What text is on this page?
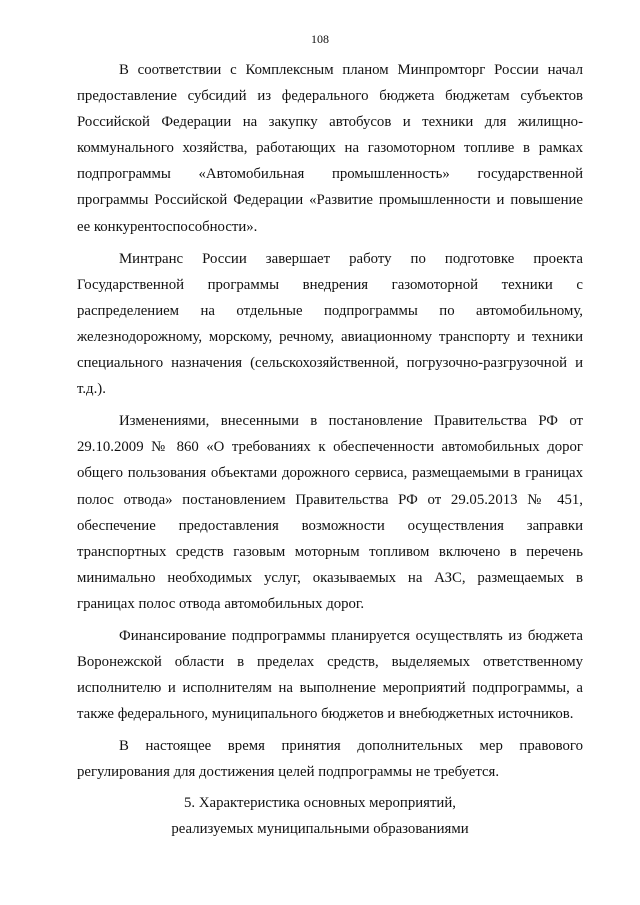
108

В соответствии с Комплексным планом Минпромторг России начал предоставление субсидий из федерального бюджета бюджетам субъектов Российской Федерации на закупку автобусов и техники для жилищно-коммунального хозяйства, работающих на газомоторном топливе в рамках подпрограммы «Автомобильная промышленность» государственной программы Российской Федерации «Развитие промышленности и повышение ее конкурентоспособности».

Минтранс России завершает работу по подготовке проекта Государственной программы внедрения газомоторной техники с распределением на отдельные подпрограммы по автомобильному, железнодорожному, морскому, речному, авиационному транспорту и техники специального назначения (сельскохозяйственной, погрузочно-разгрузочной и т.д.).

Изменениями, внесенными в постановление Правительства РФ от 29.10.2009 № 860 «О требованиях к обеспеченности автомобильных дорог общего пользования объектами дорожного сервиса, размещаемыми в границах полос отвода» постановлением Правительства РФ от 29.05.2013 № 451, обеспечение предоставления возможности осуществления заправки транспортных средств газовым моторным топливом включено в перечень минимально необходимых услуг, оказываемых на АЗС, размещаемых в границах полос отвода автомобильных дорог.

Финансирование подпрограммы планируется осуществлять из бюджета Воронежской области в пределах средств, выделяемых ответственному исполнителю и исполнителям на выполнение мероприятий подпрограммы, а также федерального, муниципального бюджетов и внебюджетных источников.

В настоящее время принятия дополнительных мер правового регулирования для достижения целей подпрограммы не требуется.

5. Характеристика основных мероприятий,
реализуемых муниципальными образованиями
